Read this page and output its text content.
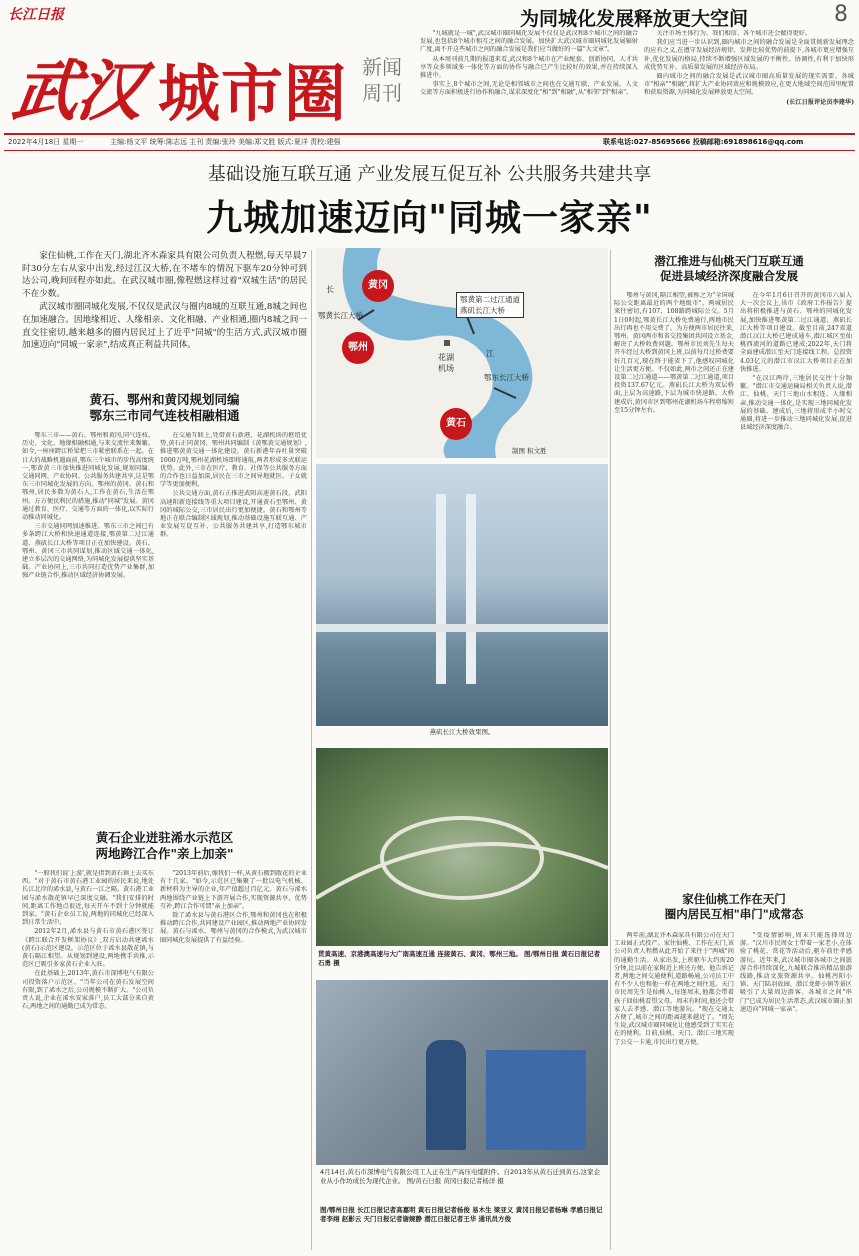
长江日报
武汉 城市圈 新闻
周刊
为同城化发展释放更大空间	8

"九城就是一城",武汉城市圈同城化发展不仅仅是武汉和8个城市之间的融合发展,也包括8个城市相互之间的融合发展。加快扩大武汉城市圈同城化发展辐射广度,离不开这些城市之间的融合发展是我们应当做好的一篇"大文章"。

从本周刊前几期的报道来看,武汉和8个城市在产业配套、创新协同、人才共享等众多领域多一体化等方面的协作与融合已产生比较好的效果,并在持续深入推进中。

事实上,8个城市之间,无论是相邻城市之间也在交通互联、产业发展、人文交流等方面积极进行协作和融合,谋求深度化"相"到"相融",从"相邻"到"相亲"。

关注市场主体行为、我们相信、各个城市还会做得更好。

我们应当进一步认识到,圈内城市之间的融合发展是全面贯彻新发展理念的应有之义,在遵守发展经济规律、发挥比较优势的前提下,各城市更应增强互补,优化发展的格局,持续不断增强区域发展的平衡性、协调性,有利于加快形成优势互补、高质量发展的区域经济布局。

圈内城市之间的融合发展是武汉城市圈高质量发展的现实需要。各城市"相亲""相融",将扩大产业协同效应和规模效应,在更大地域空间范围里配置和获取资源,为同城化发展释放更大空间。

(长江日报评论员李建华)
2022年4月18日 星期一	主编:杨文平 统筹:陈志远 主刊 责编:张玲 美编:郑文胜 版式:夏洋 责校:建强	联系电话:027-85695666 投稿邮箱:691898616@qq.com
基础设施互联互通 产业发展互促互补 公共服务共建共享
九城加速迈向"同城一家亲"

家住仙桃,工作在天门,湖北齐木森家具有限公司负责人程燃,每天早晨7时30分左右从家中出发,经过江汉大桥,在不堵车的情况下驱车20分钟可到达公司,晚间回程亦如此。在武汉城市圈,像程燃这样过着"双城生活"的居民不在少数。

武汉城市圈同城化发展,不仅仅是武汉与圈内8城的互联互通,8城之间也在加速融合。因地缘相近、人缘相亲、文化相融、产业相通,圈内8城之间一直交往密切,越来越多的圈内居民过上了近乎"同城"的生活方式,武汉城市圈加速迈向"同城一家亲",结成真正利益共同体。

黄石、鄂州和黄冈规划同编
鄂东三市同气连枝相融相通

鄂东三市——黄石、鄂州和黄冈,同气连枝、历史、文化、地缘相融相通,与来交流往来频繁。如今,一座座跨江桥梁把三市紧密联系在一起。在日大的战略机遇面前,鄂东三个城市的步伐高度统一,鄂黄黄三市加快推进同城化发展,规划同编、交通同网、产业协同、公共服务共建共享,这是鄂东三市同城化发展的方向。鄂州的黄冈、黄石和鄂州,居民多数为黄石人,工作在黄石,生活在鄂州。方方便民利民的措施,推动"同城"发展。黄冈通过教育、医疗、交通等方面的一体化,以实际行动推动同城化。

三市交通同网加速推进。鄂东三市之间已有多条跨江大桥和快速通道连接,鄂黄第二过江通道、燕矶长江大桥等项目正在加快建设。黄石、鄂州、黄冈三市共同谋划,推动区域交通一体化,建立多层次的交通网络,为同城化发展提供坚实基础。产业协同上,三市共同打造优势产业集群,加强产业链合作,推动区域经济协调发展。

在交通互联上,凭借黄石新港、花湖机场的枢纽优势,黄石正同黄冈、鄂州共同编制《黄鄂黄交通规划》,推进鄂黄黄交通一体化建设。黄石新港年吞吐量突破1000万吨,鄂州花湖机场即将通航,两者形成多式联运优势。此外,三市在医疗、教育、社保等公共服务方面的合作也日益加深,居民在三市之间异地就医、子女就学等更加便利。

公共交通方面,黄石正推进武阳高速黄石段、武阳高速阳新连接线等重大项目建设,开通黄石至鄂州、黄冈的城际公交,三市居民出行更加便捷。黄石和鄂州等地正在联合编制区域规划,推动基础设施互联互通、产业发展互促互补、公共服务共建共享,打造鄂东城市群。

黄石企业迸驻浠水示范区
两地跨江合作"亲上加亲"

"一般我们说'上游',就是指到黄石镇上去买东西。"对于黄石市黄石港工业园的居民来说,地处长江北岸的浠水县,与黄石一江之隔。黄石港工业园与浠水散花镇早已深度交融。"我们安排的时间,距离工作地点很近,每天开车不到十分钟就能到家。"黄石企业员工说,两地的同城化已经深入到日常生活中。

2012年2月,浠水县与黄石市黄石港区签订《跨江联合开发框架协议》,双方启动共建浠水(黄石)示范区建设。示范区位于浠水县散花镇,与黄石隔江相望。从规划到建设,两地携手共推,示范区已吸引多家黄石企业入驻。

在此基础上,2013年,黄石市深博电气有限公司投资落户示范区。"当年公司在黄石发展空间有限,到了浠水之后,公司规模不断扩大。"公司负责人说,企业在浠水安家落户,员工大部分来自黄石,两地之间的通勤已成为常态。

"2013年前后,像我们一样,从黄石搬到散花的企业有十几家。"如今,示范区已集聚了一批以电气机械、新材料为主导的企业,年产值超过百亿元。黄石与浠水两地围绕产业链上下游开展合作,实现资源共享、优势互补,跨江合作可谓"亲上加亲"。

除了浠水县与黄石港区合作,鄂州和黄冈也在积极推动跨江合作,共同建设产业园区,推动两地产业协同发展。黄石与浠水、鄂州与黄冈的合作模式,为武汉城市圈同城化发展提供了有益经验。

黄冈
鄂州
黄石
长
江
鄂黄长江大桥
鄂黄第二过江通道
燕矶长江大桥
花湖
机场
鄂东长江大桥
制图 积文胜
燕矶长江大桥效果图。
贯黄高速、京港澳高速与大广南高速互通 连接黄石、黄冈、鄂州三地。 图/鄂州日报 黄石日报记者石勇 摄
4月14日,黄石市深博电气有限公司工人正在生产高压电缆附件。自2013年从黄石迁到黄石,这家企业从小作坊成长为现代企业。 图/黄石日报 黄冈日报记者杨洋 摄
图/鄂州日报 长江日报记者高嘉明 黄石日报记者杨俊 易木生 梁亚义 黄冈日报记者杨琳 孝感日报记者李翊 赵影云 天门日报记者谢婉静 潜江日报记者王华 通讯员方俊
潜江推进与仙桃天门互联互通
促进县域经济深度融合发展

鄂州与黄冈,隔江相望,被称之为"全国城际公交距离最近的两个地级市"。两城居民来往密切,有107、108路跨城际公交。5月1日0时起,鄂黄长江大桥免费通行,两地市民出行再也不用交费了。为方便两市居民往来,鄂州、黄冈两市和省交投集团共同设立基金,解决了大桥收费问题。鄂州市民刘先生每天开车经过大桥到黄冈上班,以前每月过桥费要好几百元,现在终于能省下了,他感叹同城化让生活更方便。不仅如此,两市之间还正在建设第二过江通道——鄂黄第二过江通道,项目投资137.67亿元。燕矶长江大桥为双层桥面,上层为高速路,下层为城市快速路。大桥建成后,黄冈市区到鄂州花湖机场车程将缩短至15分钟左右。

在今年1月6日召开的黄冈市六届人大一次会议上,该市《政府工作报告》提出将积极推进与黄石、鄂州的同城化发展,加快推进鄂黄第二过江通道、燕矶长江大桥等项目建设。截至目前,247省道潜江汉江大桥已建成通车,潜江城区至仙桃西流河的道路已建成;2022年,天门将全面建成潜江至天门连接线工程。总投资4.03亿元的潜江市汉江大桥项目正在加快推进。

"在汉江两岸,三地居民交往十分频繁。"潜江市交通运输局相关负责人说,潜江、仙桃、天门三地山水相连、人缘相亲,推动交通一体化,是实现三地同城化发展的基础。建成后,三地将形成半小时交通圈,将进一步推动三地同城化发展,促进县域经济深度融合。

家住仙桃工作在天门
圈内居民互相"串门"成常态

两年前,湖北齐木森家具有限公司在天门工业园正式投产。家住仙桃、工作在天门,该公司负责人程燃从此开始了来往于"两城"间的通勤生活。从家出发,上班驱车大约需20分钟,比以前在家附近上班还方便。他告诉记者,两地之间交通便利,道路畅通,公司员工中有不少人也和他一样在两地之间往返。天门市民周先生是仙桃人,每逢周末,他都会带着孩子回仙桃看望父母。周末有时间,他还会带家人去孝感、潜江等地游玩。"现在交通太方便了,城市之间的距离越来越近了。"周先生说,武汉城市圈同城化让他感受到了实实在在的便利。目前,仙桃、天门、潜江三地实现了公交一卡通,市民出行更方便。

"受疫情影响,周末只能选择周边游。"汉川市民周女士带着一家老小,在体验了桃花、赏花等活动后,驱车前往孝感游玩。近年来,武汉城市圈各城市之间旅游合作持续深化,九城联合推出精品旅游线路,推动文旅资源共享。仙桃沔阳小镇、天门陆羽故园、潜江龙虾小镇等景区吸引了大量周边游客。各城市之间"串门"已成为居民生活常态,武汉城市圈正加速迈向"同城一家亲"。
